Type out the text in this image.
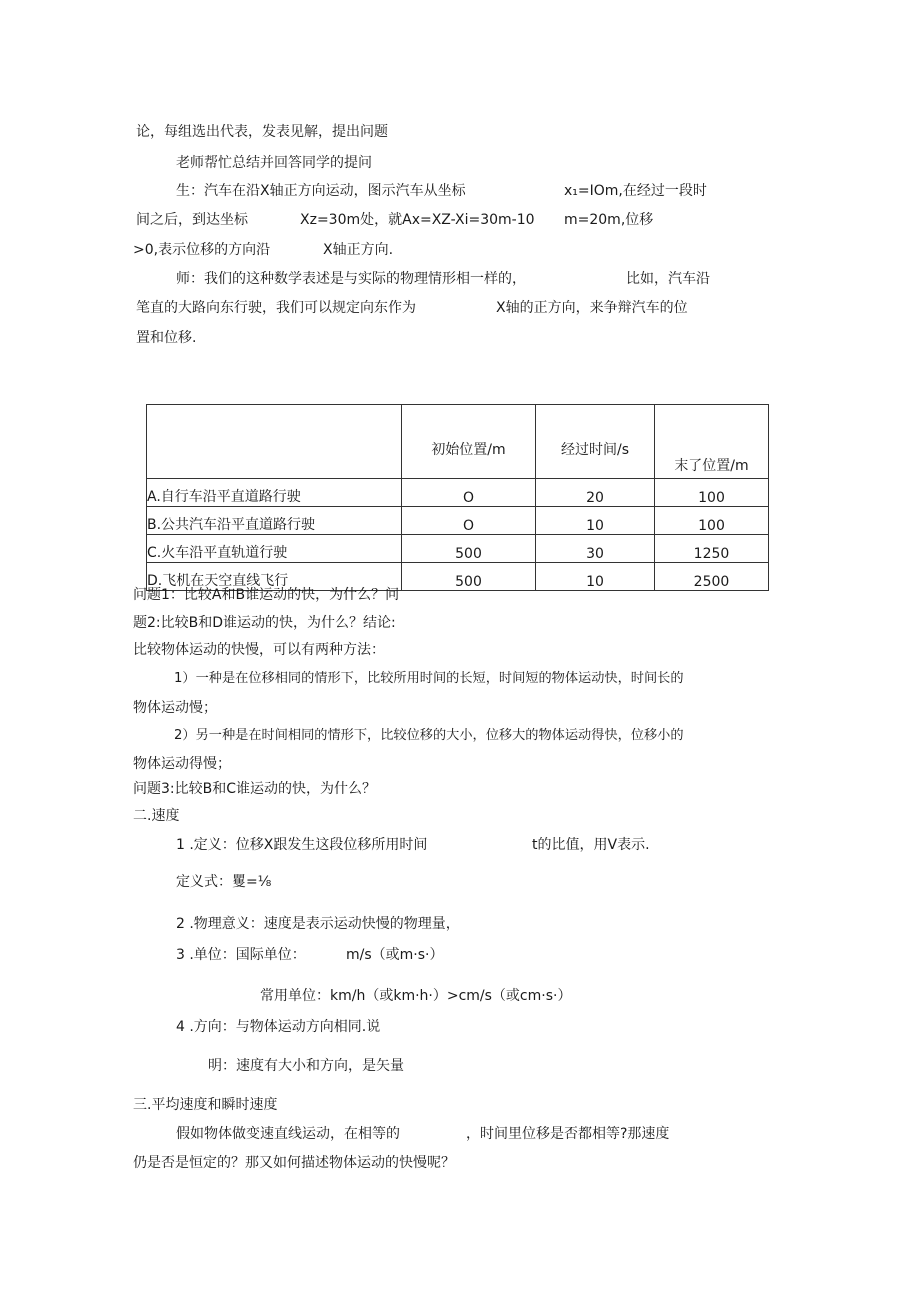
论，每组选出代表，发表见解，提出问题
老师帮忙总结并回答同学的提问
生：汽车在沿X轴正方向运动，图示汽车从坐标	x₁=IOm,在经过一段时
间之后，到达坐标	Xz=30m处，就Ax=XZ-Xi=30m-10 m=20m,位移
>0,表示位移的方向沿	X轴正方向.
师：我们的这种数学表述是与实际的物理情形相一样的，	比如，汽车沿
笔直的大路向东行驶，我们可以规定向东作为	X轴的正方向，来争辩汽车的位
置和位移.
	初始位置/m	经过时间/s	末了位置/m
A.自行车沿平直道路行驶	O	20	100
B.公共汽车沿平直道路行驶	O	10	100
C.火车沿平直轨道行驶	500	30	1250
D.飞机在天空直线飞行	500	10	2500
问题1：比较A和B谁运动的快，为什么？问
题2:比较B和D谁运动的快，为什么？结论:
比较物体运动的快慢，可以有两种方法：
1）一种是在位移相同的情形下，比较所用时间的长短，时间短的物体运动快，时间长的
物体运动慢；
2）另一种是在时间相同的情形下，比较位移的大小，位移大的物体运动得快，位移小的
物体运动得慢；
问题3:比较B和C谁运动的快，为什么？
二.速度
1 .定义：位移X跟发生这段位移所用时间	t的比值，用V表示.
定义式：矍=⅛
2 .物理意义：速度是表示运动快慢的物理量，
3 .单位：国际单位：	m/s（或m·s·）
常用单位：km/h（或km·h·）>cm/s（或cm·s·）
4 .方向：与物体运动方向相同.说
明：速度有大小和方向，是矢量
三.平均速度和瞬时速度
假如物体做变速直线运动，在相等的	，时间里位移是否都相等?那速度
仍是否是恒定的？那又如何描述物体运动的快慢呢？
